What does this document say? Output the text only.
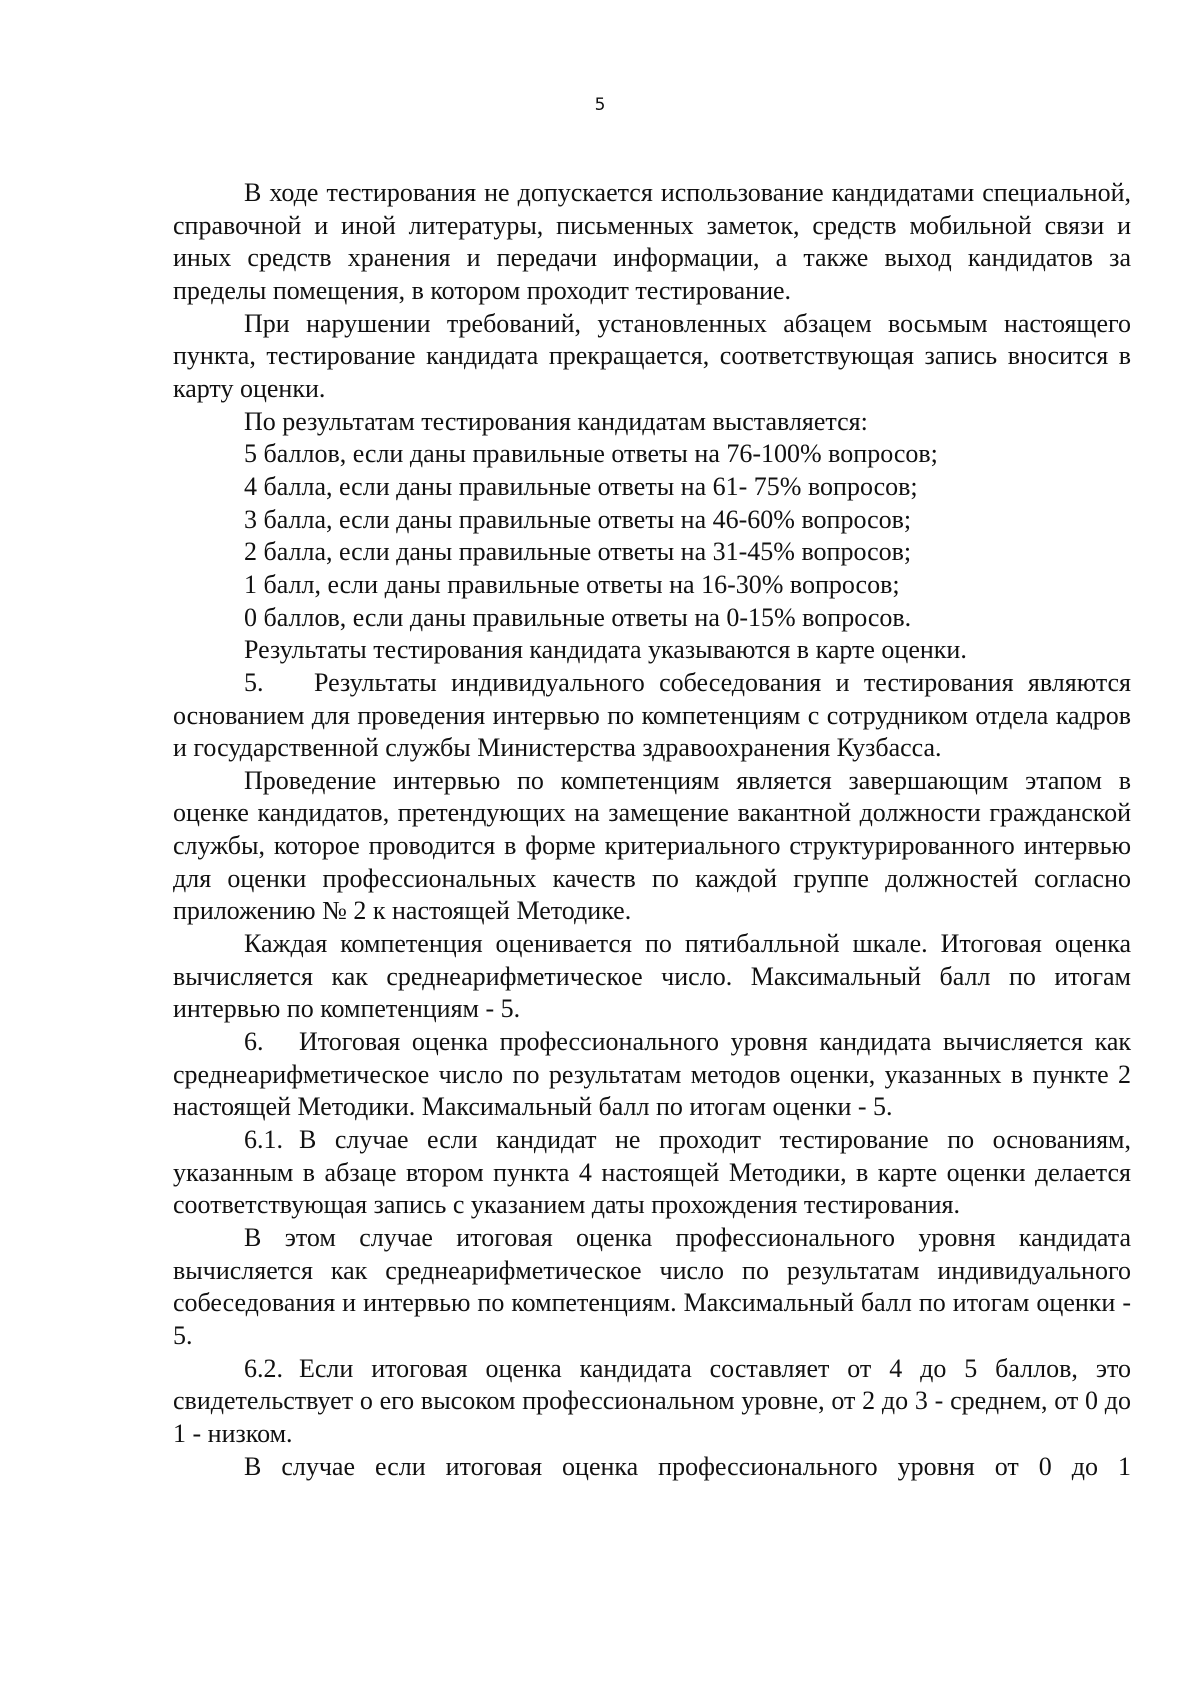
5

В ходе тестирования не допускается использование кандидатами специальной, справочной и иной литературы, письменных заметок, средств мобильной связи и иных средств хранения и передачи информации, а также выход кандидатов за пределы помещения, в котором проходит тестирование.

При нарушении требований, установленных абзацем восьмым настоящего пункта, тестирование кандидата прекращается, соответствующая запись вносится в карту оценки.

По результатам тестирования кандидатам выставляется:

5 баллов, если даны правильные ответы на 76-100% вопросов;

4 балла, если даны правильные ответы на 61- 75% вопросов;

3 балла, если даны правильные ответы на 46-60% вопросов;

2 балла, если даны правильные ответы на 31-45% вопросов;

1 балл, если даны правильные ответы на 16-30% вопросов;

0 баллов, если даны правильные ответы на 0-15% вопросов.

Результаты тестирования кандидата указываются в карте оценки.

5. Результаты индивидуального собеседования и тестирования являются основанием для проведения интервью по компетенциям с сотрудником отдела кадров и государственной службы Министерства здравоохранения Кузбасса.

Проведение интервью по компетенциям является завершающим этапом в оценке кандидатов, претендующих на замещение вакантной должности гражданской службы, которое проводится в форме критериального структурированного интервью для оценки профессиональных качеств по каждой группе должностей согласно приложению № 2 к настоящей Методике.

Каждая компетенция оценивается по пятибалльной шкале. Итоговая оценка вычисляется как среднеарифметическое число. Максимальный балл по итогам интервью по компетенциям - 5.

6. Итоговая оценка профессионального уровня кандидата вычисляется как среднеарифметическое число по результатам методов оценки, указанных в пункте 2 настоящей Методики. Максимальный балл по итогам оценки - 5.

6.1. В случае если кандидат не проходит тестирование по основаниям, указанным в абзаце втором пункта 4 настоящей Методики, в карте оценки делается соответствующая запись с указанием даты прохождения тестирования.

В этом случае итоговая оценка профессионального уровня кандидата вычисляется как среднеарифметическое число по результатам индивидуального собеседования и интервью по компетенциям. Максимальный балл по итогам оценки - 5.

6.2. Если итоговая оценка кандидата составляет от 4 до 5 баллов, это свидетельствует о его высоком профессиональном уровне, от 2 до 3 - среднем, от 0 до 1 - низком.

В случае если итоговая оценка профессионального уровня от 0 до 1
